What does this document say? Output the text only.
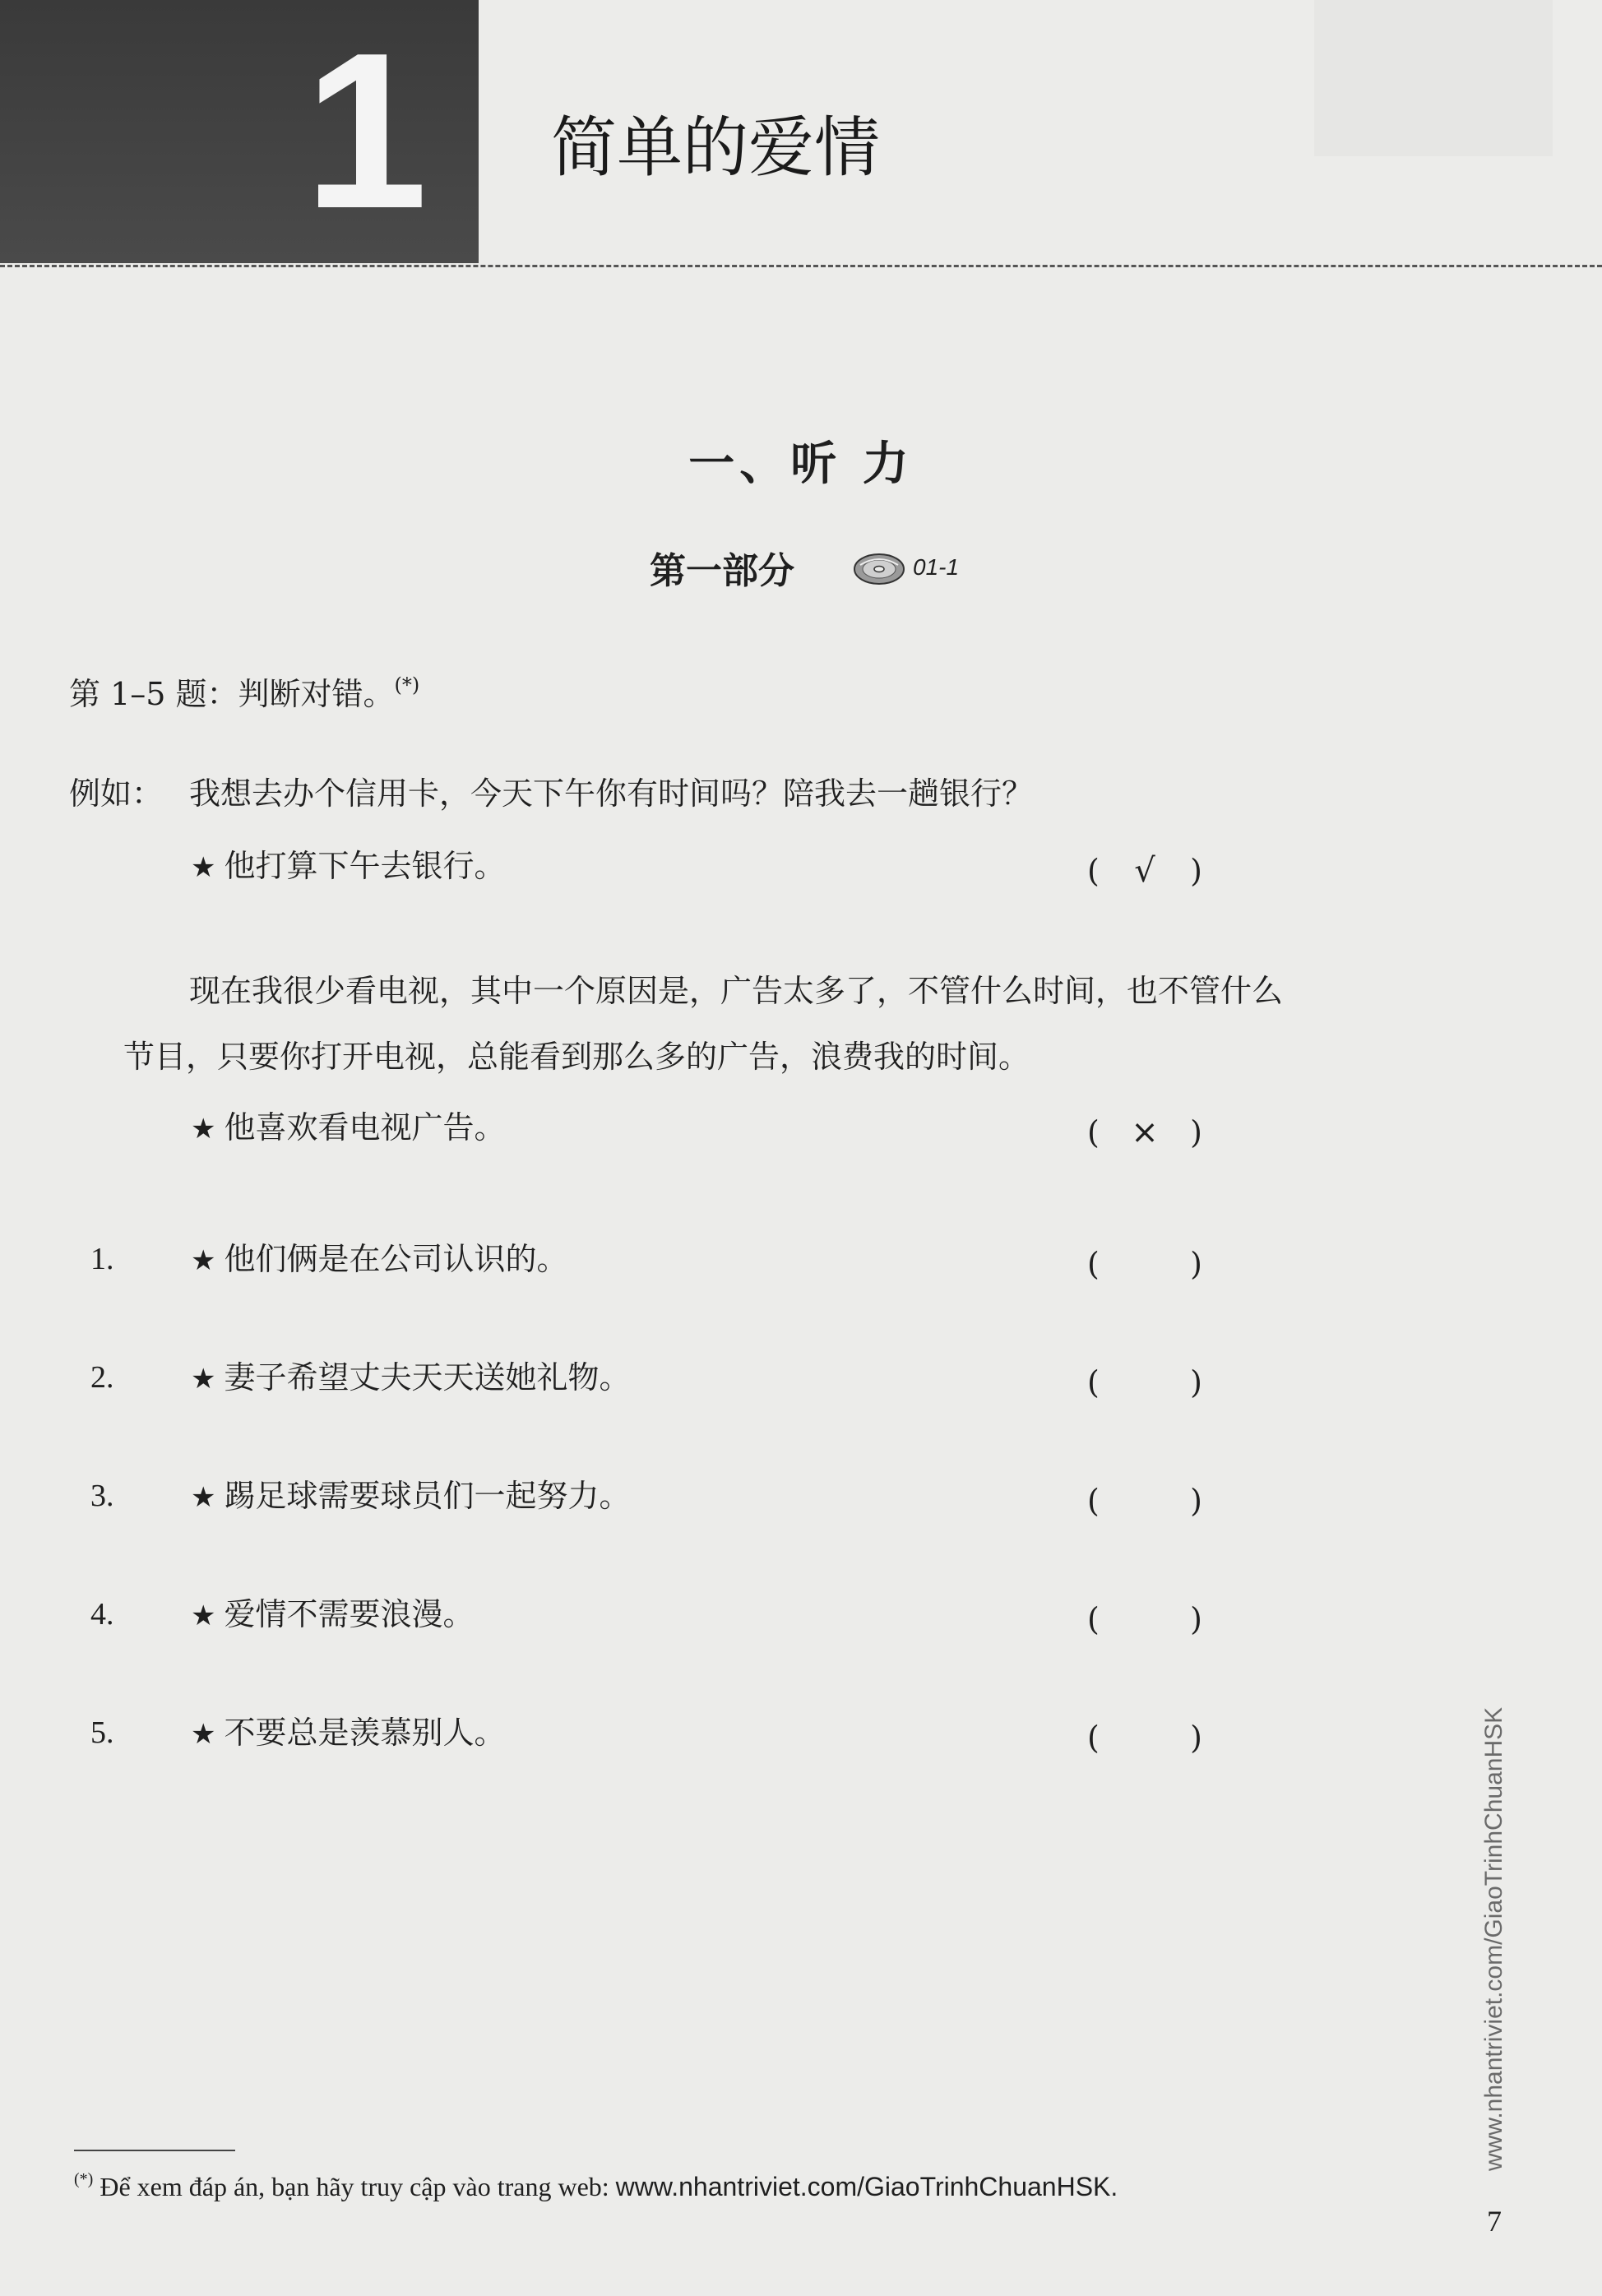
1 简单的爱情
一、听 力
第一部分	01-1
第 1–5 题：判断对错。(*)
例如： 我想去办个信用卡，今天下午你有时间吗？陪我去一趟银行？
★ 他打算下午去银行。	( √ )
现在我很少看电视，其中一个原因是，广告太多了，不管什么时间，也不管什么
节目，只要你打开电视，总能看到那么多的广告，浪费我的时间。
★ 他喜欢看电视广告。	( × )
1.	★ 他们俩是在公司认识的。	(	)
2.	★ 妻子希望丈夫天天送她礼物。	(	)
3.	★ 踢足球需要球员们一起努力。	(	)
4.	★ 爱情不需要浪漫。	(	)
5.	★ 不要总是羡慕别人。	(	)
(*) Để xem đáp án, bạn hãy truy cập vào trang web: www.nhantriviet.com/GiaoTrinhChuanHSK.
www.nhantriviet.com/GiaoTrinhChuanHSK
7
